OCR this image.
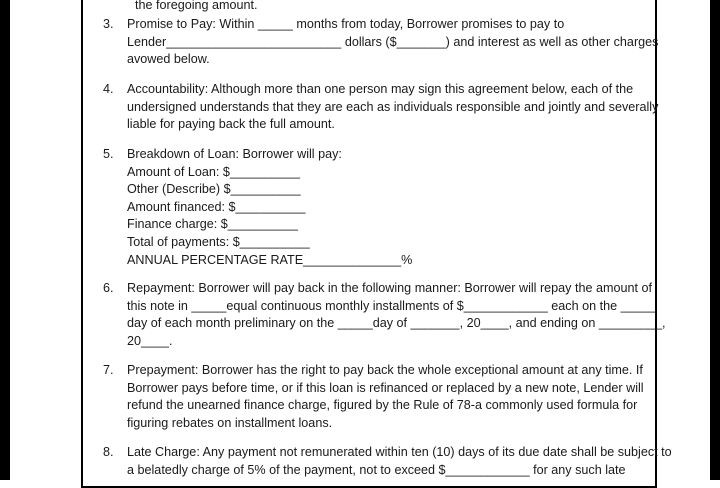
the foregoing amount.
3.	Promise to Pay: Within _____ months from today, Borrower promises to pay to
Lender_________________________ dollars ($_______) and interest as well as other charges
avowed below.
4.	Accountability: Although more than one person may sign this agreement below, each of the
undersigned understands that they are each as individuals responsible and jointly and severally
liable for paying back the full amount.
5.	Breakdown of Loan: Borrower will pay:
Amount of Loan: $__________
Other (Describe) $__________
Amount financed: $__________
Finance charge: $__________
Total of payments: $__________
ANNUAL PERCENTAGE RATE______________%
6.	Repayment: Borrower will pay back in the following manner: Borrower will repay the amount of
this note in _____equal continuous monthly installments of $____________ each on the _____
day of each month preliminary on the _____day of _______, 20____, and ending on _________,
20____.
7.	Prepayment: Borrower has the right to pay back the whole exceptional amount at any time. If
Borrower pays before time, or if this loan is refinanced or replaced by a new note, Lender will
refund the unearned finance charge, figured by the Rule of 78-a commonly used formula for
figuring rebates on installment loans.
8.	Late Charge: Any payment not remunerated within ten (10) days of its due date shall be subject to
a belatedly charge of 5% of the payment, not to exceed $____________ for any such late
